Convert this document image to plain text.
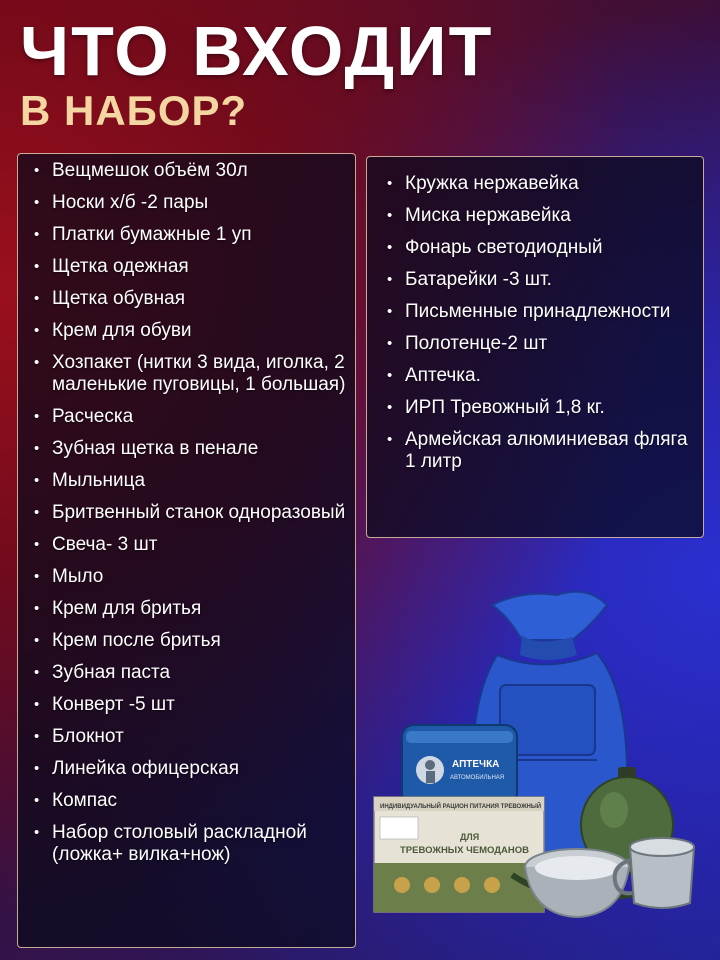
ЧТО ВХОДИТ
В НАБОР?
• Вещмешок объём 30л
• Носки х/б -2 пары
• Платки бумажные 1 уп
• Щетка одежная
• Щетка обувная
• Крем для обуви
• Хозпакет (нитки 3 вида, иголка, 2 маленькие пуговицы, 1 большая)
• Расческа
• Зубная щетка в пенале
• Мыльница
• Бритвенный станок одноразовый
• Свеча- 3 шт
• Мыло
• Крем для бритья
• Крем после бритья
• Зубная паста
• Конверт -5 шт
• Блокнот
• Линейка офицерская
• Компас
• Набор столовый раскладной (ложка+ вилка+нож)
• Кружка нержавейка
• Миска нержавейка
• Фонарь светодиодный
• Батарейки -3 шт.
• Письменные принадлежности
• Полотенце-2 шт
• Аптечка.
• ИРП Тревожный 1,8 кг.
• Армейская алюминиевая фляга 1 литр
АПТЕЧКА
АВТОМОБИЛЬНАЯ
ИНДИВИДУАЛЬНЫЙ РАЦИОН ПИТАНИЯ ТРЕВОЖНЫЙ
ДЛЯ
ТРЕВОЖНЫХ ЧЕМОДАНОВ
